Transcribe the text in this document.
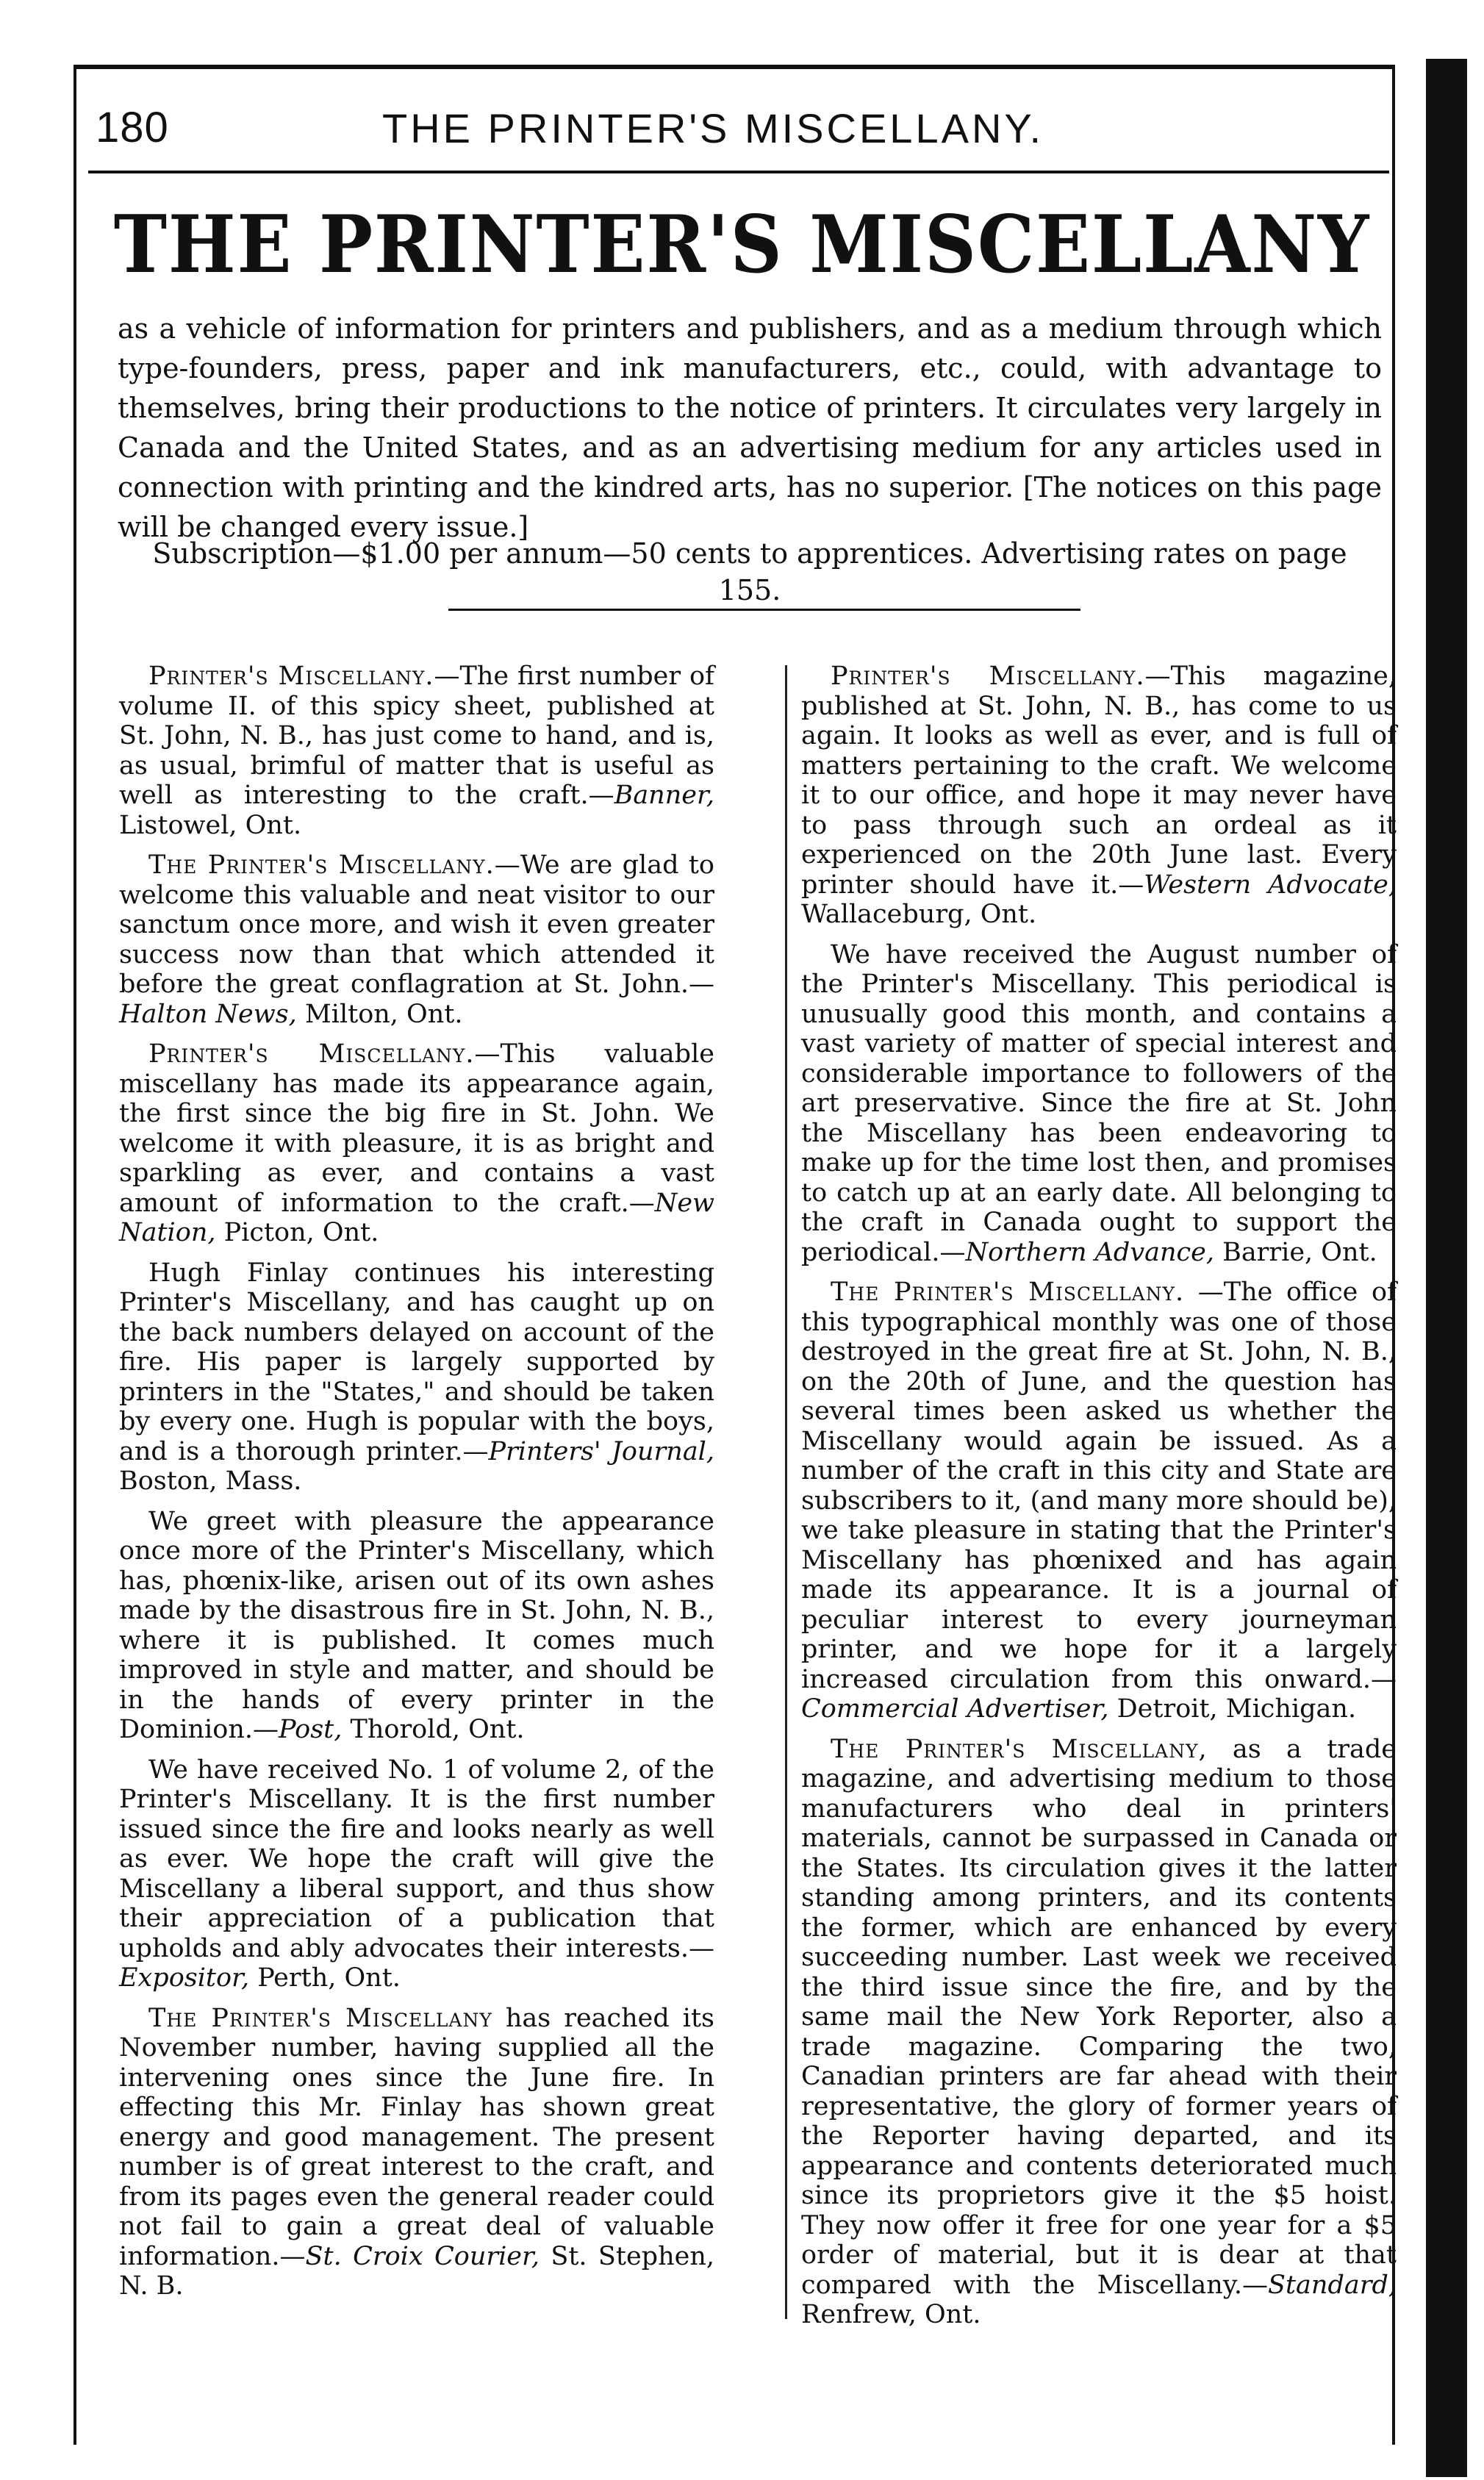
180	THE PRINTER'S MISCELLANY.
THE PRINTER'S MISCELLANY
as a vehicle of information for printers and publishers, and as a medium through which type-founders, press, paper and ink manufacturers, etc., could, with advantage to themselves, bring their productions to the notice of printers. It circulates very largely in Canada and the United States, and as an advertising medium for any articles used in connection with printing and the kindred arts, has no superior. [The notices on this page will be changed every issue.]
Subscription—$1.00 per annum—50 cents to apprentices. Advertising rates on page 155.

Printer's Miscellany.—The first number of volume II. of this spicy sheet, published at St. John, N. B., has just come to hand, and is, as usual, brimful of matter that is useful as well as interesting to the craft.—Banner, Listowel, Ont.

The Printer's Miscellany.—We are glad to welcome this valuable and neat visitor to our sanctum once more, and wish it even greater success now than that which attended it before the great conflagration at St. John.—Halton News, Milton, Ont.

Printer's Miscellany.—This valuable miscellany has made its appearance again, the first since the big fire in St. John. We welcome it with pleasure, it is as bright and sparkling as ever, and contains a vast amount of information to the craft.—New Nation, Picton, Ont.

Hugh Finlay continues his interesting Printer's Miscellany, and has caught up on the back numbers delayed on account of the fire. His paper is largely supported by printers in the "States," and should be taken by every one. Hugh is popular with the boys, and is a thorough printer.—Printers' Journal, Boston, Mass.

We greet with pleasure the appearance once more of the Printer's Miscellany, which has, phœnix-like, arisen out of its own ashes made by the disastrous fire in St. John, N. B., where it is published. It comes much improved in style and matter, and should be in the hands of every printer in the Dominion.—Post, Thorold, Ont.

We have received No. 1 of volume 2, of the Printer's Miscellany. It is the first number issued since the fire and looks nearly as well as ever. We hope the craft will give the Miscellany a liberal support, and thus show their appreciation of a publication that upholds and ably advocates their interests.—Expositor, Perth, Ont.

The Printer's Miscellany has reached its November number, having supplied all the intervening ones since the June fire. In effecting this Mr. Finlay has shown great energy and good management. The present number is of great interest to the craft, and from its pages even the general reader could not fail to gain a great deal of valuable information.—St. Croix Courier, St. Stephen, N. B.

Printer's Miscellany.—This magazine, published at St. John, N. B., has come to us again. It looks as well as ever, and is full of matters pertaining to the craft. We welcome it to our office, and hope it may never have to pass through such an ordeal as it experienced on the 20th June last. Every printer should have it.—Western Advocate, Wallaceburg, Ont.

We have received the August number of the Printer's Miscellany. This periodical is unusually good this month, and contains a vast variety of matter of special interest and considerable importance to followers of the art preservative. Since the fire at St. John the Miscellany has been endeavoring to make up for the time lost then, and promises to catch up at an early date. All belonging to the craft in Canada ought to support the periodical.—Northern Advance, Barrie, Ont.

The Printer's Miscellany. —The office of this typographical monthly was one of those destroyed in the great fire at St. John, N. B., on the 20th of June, and the question has several times been asked us whether the Miscellany would again be issued. As a number of the craft in this city and State are subscribers to it, (and many more should be), we take pleasure in stating that the Printer's Miscellany has phœnixed and has again made its appearance. It is a journal of peculiar interest to every journeyman printer, and we hope for it a largely increased circulation from this onward.—Commercial Advertiser, Detroit, Michigan.

The Printer's Miscellany, as a trade magazine, and advertising medium to those manufacturers who deal in printers' materials, cannot be surpassed in Canada or the States. Its circulation gives it the latter standing among printers, and its contents the former, which are enhanced by every succeeding number. Last week we received the third issue since the fire, and by the same mail the New York Reporter, also a trade magazine. Comparing the two, Canadian printers are far ahead with their representative, the glory of former years of the Reporter having departed, and its appearance and contents deteriorated much since its proprietors give it the $5 hoist. They now offer it free for one year for a $5 order of material, but it is dear at that compared with the Miscellany.—Standard, Renfrew, Ont.
